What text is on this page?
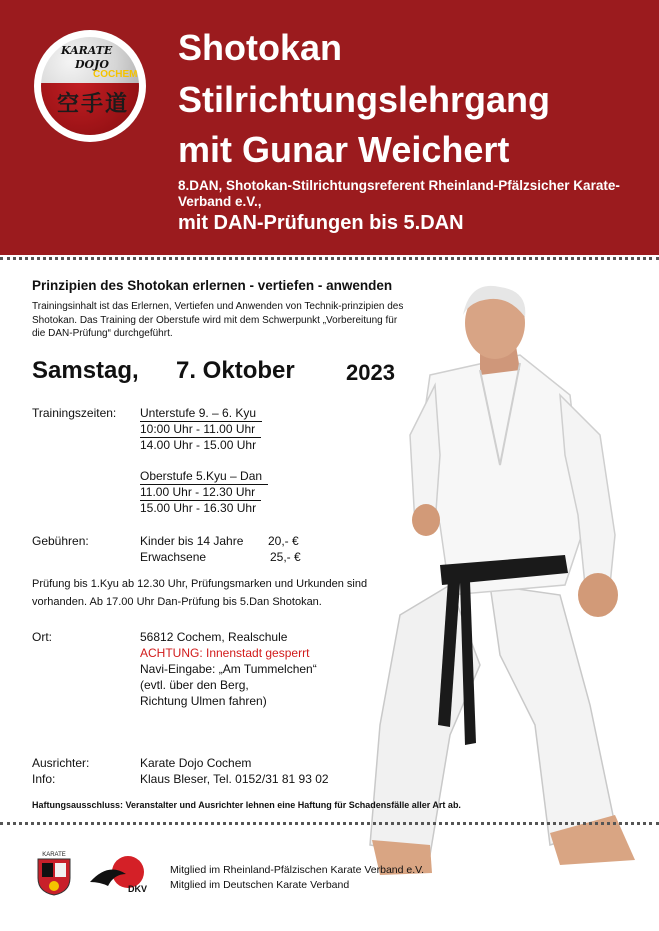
KARATE
DOJO
COCHEM
空手道
Shotokan
Stilrichtungslehrgang
mit Gunar Weichert
8.DAN, Shotokan-Stilrichtungsreferent Rheinland-Pfälzsicher Karate-Verband e.V.,
mit DAN-Prüfungen bis 5.DAN
Prinzipien des Shotokan erlernen - vertiefen - anwenden
Trainingsinhalt ist das Erlernen, Vertiefen und Anwenden von Technik-prinzipien des Shotokan. Das Training der Oberstufe wird mit dem Schwerpunkt „Vorbereitung für die DAN-Prüfung“ durchgeführt.
Samstag, 7. Oktober 2023
Trainingszeiten: Unterstufe 9. – 6. Kyu
10:00 Uhr - 11.00 Uhr
14.00 Uhr - 15.00 Uhr
Oberstufe 5.Kyu – Dan
11.00 Uhr - 12.30 Uhr
15.00 Uhr - 16.30 Uhr
Gebühren:	Kinder bis 14 Jahre 20,- €
Erwachsene	25,- €
Prüfung bis 1.Kyu ab 12.30 Uhr, Prüfungsmarken und Urkunden sind vorhanden. Ab 17.00 Uhr Dan-Prüfung bis 5.Dan Shotokan.
Ort:	56812 Cochem, Realschule
ACHTUNG: Innenstadt gesperrt
Navi-Eingabe: „Am Tummelchen“
(evtl. über den Berg,
Richtung Ulmen fahren)
Ausrichter:	Karate Dojo Cochem
Info:	Klaus Bleser, Tel. 0152/31 81 93 02
Haftungsausschluss: Veranstalter und Ausrichter lehnen eine Haftung für Schadensfälle aller Art ab.
KARATE
DKV
Mitglied im Rheinland-Pfälzischen Karate Verband e.V.
Mitglied im Deutschen Karate Verband
